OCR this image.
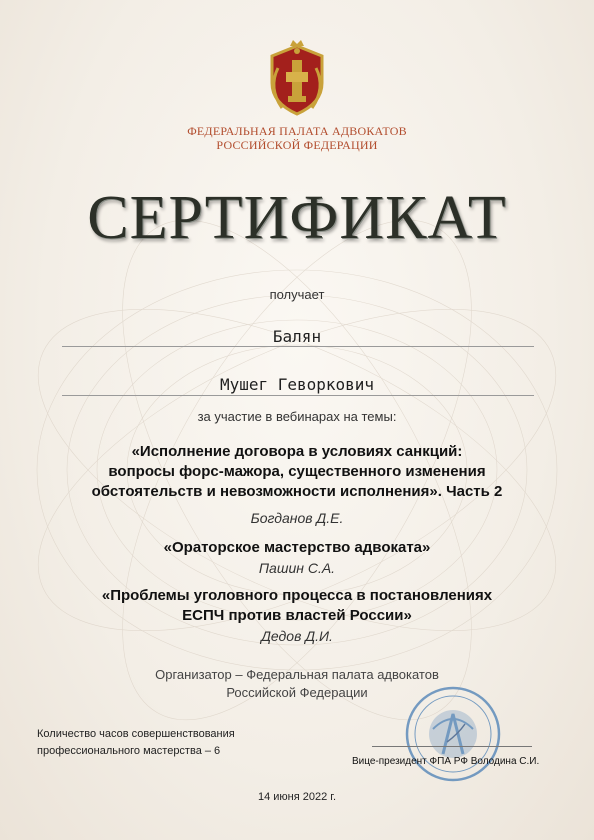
ФЕДЕРАЛЬНАЯ ПАЛАТА АДВОКАТОВ
РОССИЙСКОЙ ФЕДЕРАЦИИ
СЕРТИФИКАТ
получает
Балян
Мушег Геворкович
за участие в вебинарах на темы:
«Исполнение договора в условиях санкций:
вопросы форс-мажора, существенного изменения
обстоятельств и невозможности исполнения». Часть 2
Богданов Д.Е.
«Ораторское мастерство адвоката»
Пашин С.А.
«Проблемы уголовного процесса в постановлениях
ЕСПЧ против властей России»
Дедов Д.И.
Организатор – Федеральная палата адвокатов
Российской Федерации
Количество часов совершенствования
профессионального мастерства – 6
Вице-президент ФПА РФ Володина С.И.
14 июня 2022 г.
